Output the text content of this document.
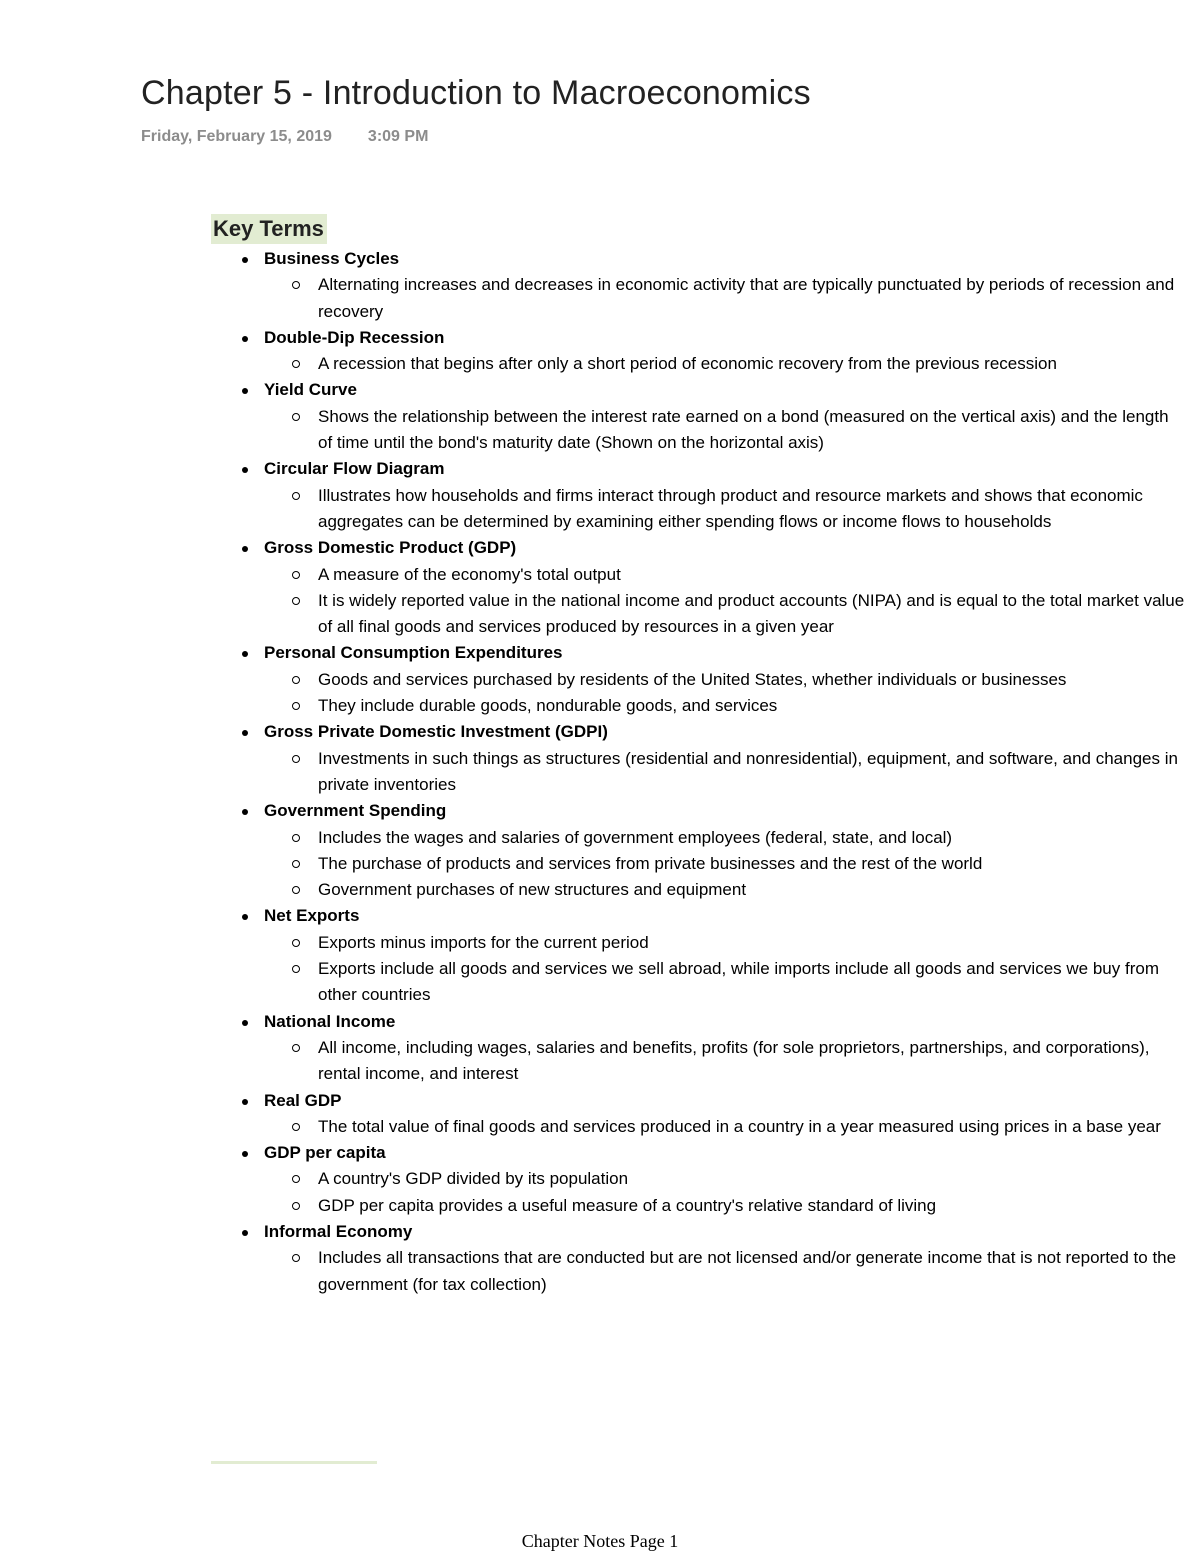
Chapter 5 - Introduction to Macroeconomics
Friday, February 15, 2019 3:09 PM
Key Terms
Business Cycles
Alternating increases and decreases in economic activity that are typically punctuated by periods of recession and recovery
Double-Dip Recession
A recession that begins after only a short period of economic recovery from the previous recession
Yield Curve
Shows the relationship between the interest rate earned on a bond (measured on the vertical axis) and the length of time until the bond's maturity date (Shown on the horizontal axis)
Circular Flow Diagram
Illustrates how households and firms interact through product and resource markets and shows that economic aggregates can be determined by examining either spending flows or income flows to households
Gross Domestic Product (GDP)
A measure of the economy's total output
It is widely reported value in the national income and product accounts (NIPA) and is equal to the total market value of all final goods and services produced by resources in a given year
Personal Consumption Expenditures
Goods and services purchased by residents of the United States, whether individuals or businesses
They include durable goods, nondurable goods, and services
Gross Private Domestic Investment (GDPI)
Investments in such things as structures (residential and nonresidential), equipment, and software, and changes in private inventories
Government Spending
Includes the wages and salaries of government employees (federal, state, and local)
The purchase of products and services from private businesses and the rest of the world
Government purchases of new structures and equipment
Net Exports
Exports minus imports for the current period
Exports include all goods and services we sell abroad, while imports include all goods and services we buy from other countries
National Income
All income, including wages, salaries and benefits, profits (for sole proprietors, partnerships, and corporations), rental income, and interest
Real GDP
The total value of final goods and services produced in a country in a year measured using prices in a base year
GDP per capita
A country's GDP divided by its population
GDP per capita provides a useful measure of a country's relative standard of living
Informal Economy
Includes all transactions that are conducted but are not licensed and/or generate income that is not reported to the government (for tax collection)
Chapter Notes Page 1
